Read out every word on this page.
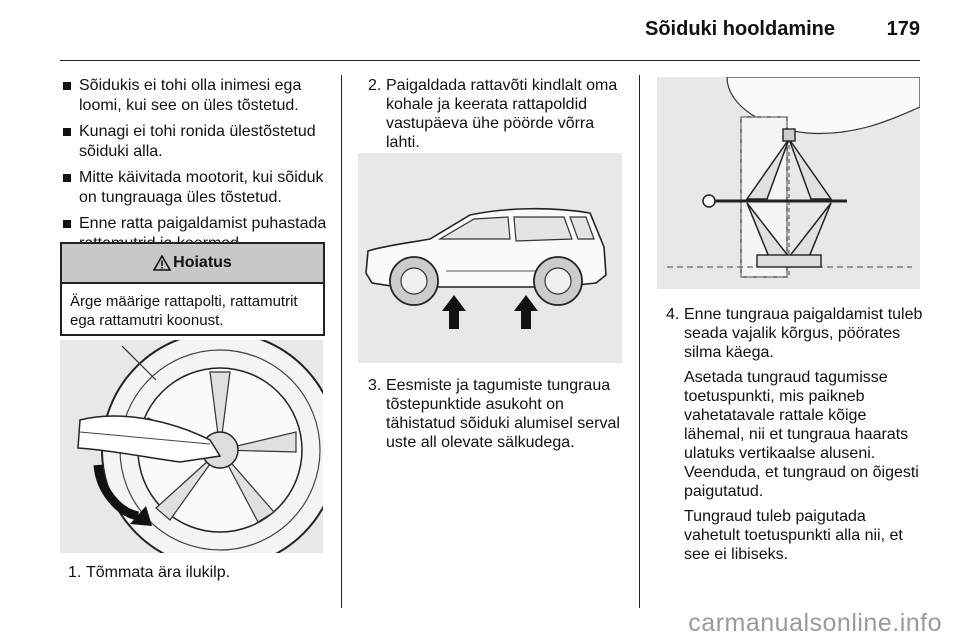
Sõiduki hooldamine	179
Sõidukis ei tohi olla inimesi ega loomi, kui see on üles tõstetud.
Kunagi ei tohi ronida ülestõstetud sõiduki alla.
Mitte käivitada mootorit, kui sõiduk on tungrauaga üles tõstetud.
Enne ratta paigaldamist puhastada
Hoiatus
Ärge määrige rattapolti, rattamutrit ega rattamutri koonust.
1. Tõmmata ära ilukilp.
2. Paigaldada rattavõti kindlalt oma kohale ja keerata rattapoldid vastupäeva ühe pöörde võrra lahti.
3. Eesmiste ja tagumiste tungraua tõstepunktide asukoht on tähistatud sõiduki alumisel serval uste all olevate sälkudega.
4. Enne tungraua paigaldamist tuleb seada vajalik kõrgus, pöörates silma käega.

Asetada tungraud tagumisse toetuspunkti, mis paikneb vahetatavale rattale kõige lähemal, nii et tungraua haarats ulatuks vertikaalse aluseni. Veenduda, et tungraud on õigesti paigutatud.

Tungraud tuleb paigutada vahetult toetuspunkti alla nii, et see ei libiseks.

carmanualsonline.info
